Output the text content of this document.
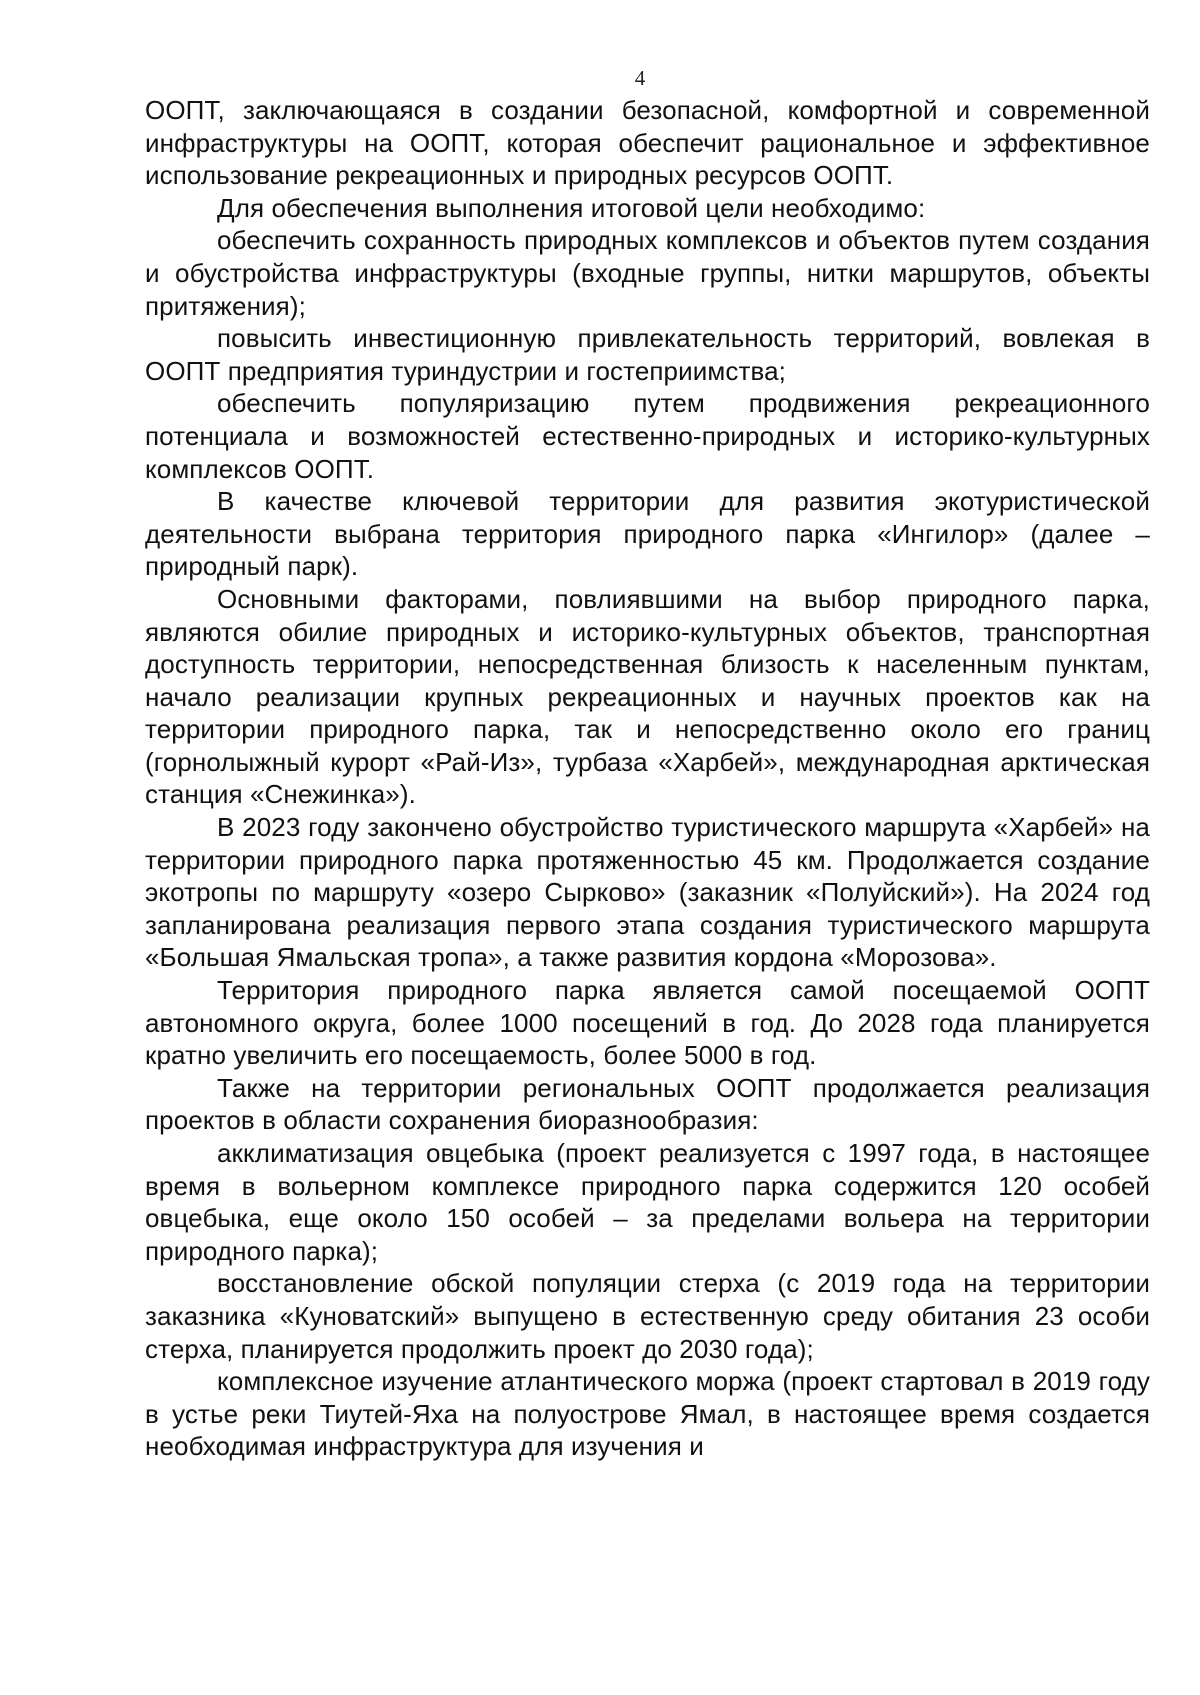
4

ООПТ, заключающаяся в создании безопасной, комфортной и современной инфраструктуры на ООПТ, которая обеспечит рациональное и эффективное использование рекреационных и природных ресурсов ООПТ.

Для обеспечения выполнения итоговой цели необходимо:

обеспечить сохранность природных комплексов и объектов путем создания и обустройства инфраструктуры (входные группы, нитки маршрутов, объекты притяжения);

повысить инвестиционную привлекательность территорий, вовлекая в ООПТ предприятия туриндустрии и гостеприимства;

обеспечить популяризацию путем продвижения рекреационного потенциала и возможностей естественно-природных и историко-культурных комплексов ООПТ.

В качестве ключевой территории для развития экотуристической деятельности выбрана территория природного парка «Ингилор» (далее – природный парк).

Основными факторами, повлиявшими на выбор природного парка, являются обилие природных и историко-культурных объектов, транспортная доступность территории, непосредственная близость к населенным пунктам, начало реализации крупных рекреационных и научных проектов как на территории природного парка, так и непосредственно около его границ (горнолыжный курорт «Рай-Из», турбаза «Харбей», международная арктическая станция «Снежинка»).

В 2023 году закончено обустройство туристического маршрута «Харбей» на территории природного парка протяженностью 45 км. Продолжается создание экотропы по маршруту «озеро Сырково» (заказник «Полуйский»). На 2024 год запланирована реализация первого этапа создания туристического маршрута «Большая Ямальская тропа», а также развития кордона «Морозова».

Территория природного парка является самой посещаемой ООПТ автономного округа, более 1000 посещений в год. До 2028 года планируется кратно увеличить его посещаемость, более 5000 в год.

Также на территории региональных ООПТ продолжается реализация проектов в области сохранения биоразнообразия:

акклиматизация овцебыка (проект реализуется с 1997 года, в настоящее время в вольерном комплексе природного парка содержится 120 особей овцебыка, еще около 150 особей – за пределами вольера на территории природного парка);

восстановление обской популяции стерха (с 2019 года на территории заказника «Куноватский» выпущено в естественную среду обитания 23 особи стерха, планируется продолжить проект до 2030 года);

комплексное изучение атлантического моржа (проект стартовал в 2019 году в устье реки Тиутей-Яха на полуострове Ямал, в настоящее время создается необходимая инфраструктура для изучения и
